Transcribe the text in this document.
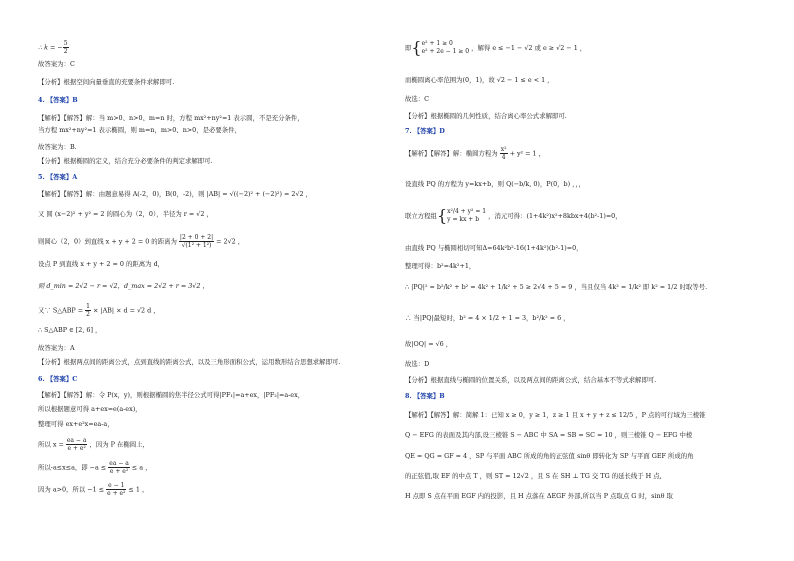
∴ k = − $\frac{5}{2}$
故答案为：C
【分析】根据空间向量垂直的充要条件求解即可.
4. 【答案】B
【解析】【解答】解：当 m>0、n>0、m=n 时，方程 mx²+ny²=1 表示圆，不是充分条件，
当方程 mx²+ny²=1 表示椭圆，则 m=n，m>0、n>0，是必要条件，
故答案为：B.
【分析】根据椭圆的定义，结合充分必要条件的判定求解即可.
5. 【答案】A
【解析】【解答】解：由题意易得 A(-2，0)，B(0，-2)，则 |AB| = √((−2)² + (−2)²) = 2√2 ，
又 圆 (x−2)² + y² = 2 的圆心为（2，0），半径为 r = √2 ，
则圆心（2，0）到直线 x + y + 2 = 0 的距离为 $\frac{|2 + 0 + 2|}{\text{√(1² + 1²)}} = 2√2$ ，
设点 P 到直线 x + y + 2 = 0 的距离为 d，
则 d_min = 2√2 − r = √2，d_max = 2√2 + r = 3√2 ，
又∵ S△ABP = $\frac{1}{2} \times |AB| \times d = √2$ d ，
∴ S△ABP ∈ [2, 6] ，
故答案为：A
【分析】根据两点间的距离公式，点到直线的距离公式，以及三角形面积公式，运用数形结合思想求解即可.
6. 【答案】C
【解析】【解答】解：令 P(x，y)，则根据椭圆的焦半径公式可得|PF₁|=a+ex，|PF₂|=a-ex，
所以根据题意可得 a+ex=e(a-ex)，
整理可得 ex+e²x=ea-a，
所以 $x = \frac{ea - a}{\text{e + e²}}$ ，因为 P 在椭圆上，
所以-a≤x≤a，即 $-a \le \frac{ea - a}{\text{e + e²}} \le a$ ，
因为 a>0，所以 $-1 \le \frac{e - 1}{\text{e + e²}} \le 1$ ，
即{ e² + 1 ≥ 0
e² + 2e − 1 ≥ 0 ，解得 e ≤ −1 − √2 或 e ≥ √2 − 1 ，
而椭圆离心率范围为(0，1)，故 √2 − 1 ≤ e < 1 ，
故选：C
【分析】根据椭圆的几何性质，结合离心率公式求解即可.
7. 【答案】D
【解析】【解答】解：椭圆方程为 $\frac{\text{x²}}{4} + y^2 = 1$ ，
设直线 PQ 的方程为 y=kx+b，则 Q(−b/k, 0)，P(0，b) ，，，
联立方程组{ x²/4 + y² = 1
y = kx + b	，消元可得：(1+4k²)x²+8kbx+4(b²-1)=0，
由直线 PQ 与椭圆相切可知Δ=64k²b²-16(1+4k²)(b²-1)=0，
整理可得：b²=4k²+1，
∴ |PQ|² = b²/k² + b² = 4k² + 1/k² + 5 ≥ 2√4 + 5 = 9 ，当且仅当 4k² = 1/k² 即 k² = 1/2 时取等号.
∴ 当|PQ|最短时，b² = 4 × 1/2 + 1 = 3，b²/k² = 6 ，
故|OQ| = √6 ，
故选：D
【分析】根据直线与椭圆的位置关系，以及两点间的距离公式，结合基本不等式求解即可.
8. 【答案】B
【解析】【解答】解：简解 1：已知 x ≥ 0，y ≥ 1，z ≥ 1 且 x + y + z ≤ 12/5 ，P 点的可行域为三棱锥
Q − EFG 的表面及其内部,设三棱锥 S − ABC 中 SA = SB = SC = 10 ，则三棱锥 Q − EFG 中棱
QE = QG = GF = 4 ，SP 与平面 ABC 所成的角的正弦值 sinθ 即转化为 SP 与平面 GEF 所成的角
的正弦值,取 EF 的中点 T ，则 ST = 12√2 ，且 S 在 SH ⊥ TG 交 TG 的延长线于 H 点,
H 点即 S 点在平面 EGF 内的投影，且 H 点落在 ΔEGF 外部,所以当 P 点取点 G 时，sinθ 取
